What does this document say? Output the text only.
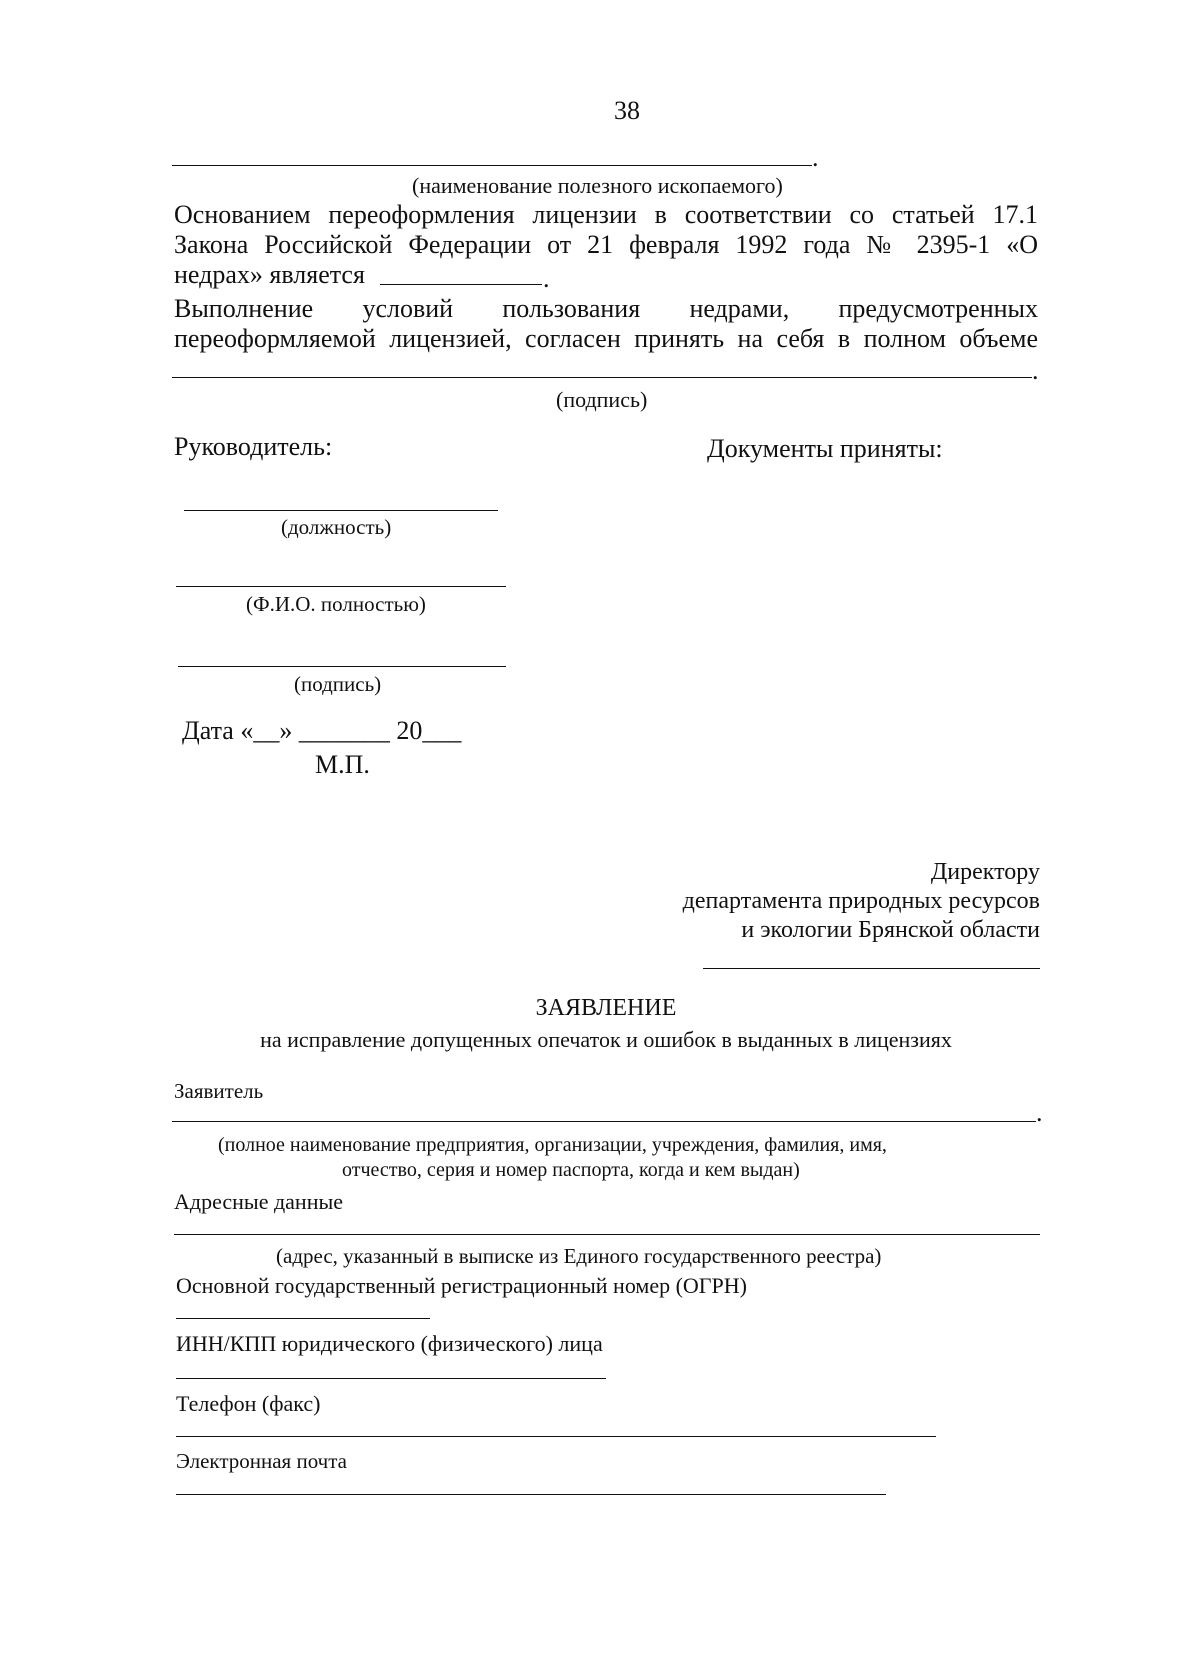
38
.
(наименование полезного ископаемого)
Основанием переоформления лицензии в соответствии со статьей 17.1
Закона Российской Федерации от 21 февраля 1992 года № 2395-1 «О
недрах» является	.
Выполнение условий пользования недрами, предусмотренных
переоформляемой лицензией, согласен принять на себя в полном объеме
.
(подпись)
Руководитель:	Документы приняты:
(должность)
(Ф.И.О. полностью)
(подпись)
Дата «__» _______ 20___
М.П.
Директору
департамента природных ресурсов
и экологии Брянской области
ЗАЯВЛЕНИЕ
на исправление допущенных опечаток и ошибок в выданных в лицензиях
Заявитель
.
(полное наименование предприятия, организации, учреждения, фамилия, имя,
отчество, серия и номер паспорта, когда и кем выдан)
Адресные данные
(адрес, указанный в выписке из Единого государственного реестра)
Основной государственный регистрационный номер (ОГРН)
ИНН/КПП юридического (физического) лица
Телефон (факс)
Электронная почта
